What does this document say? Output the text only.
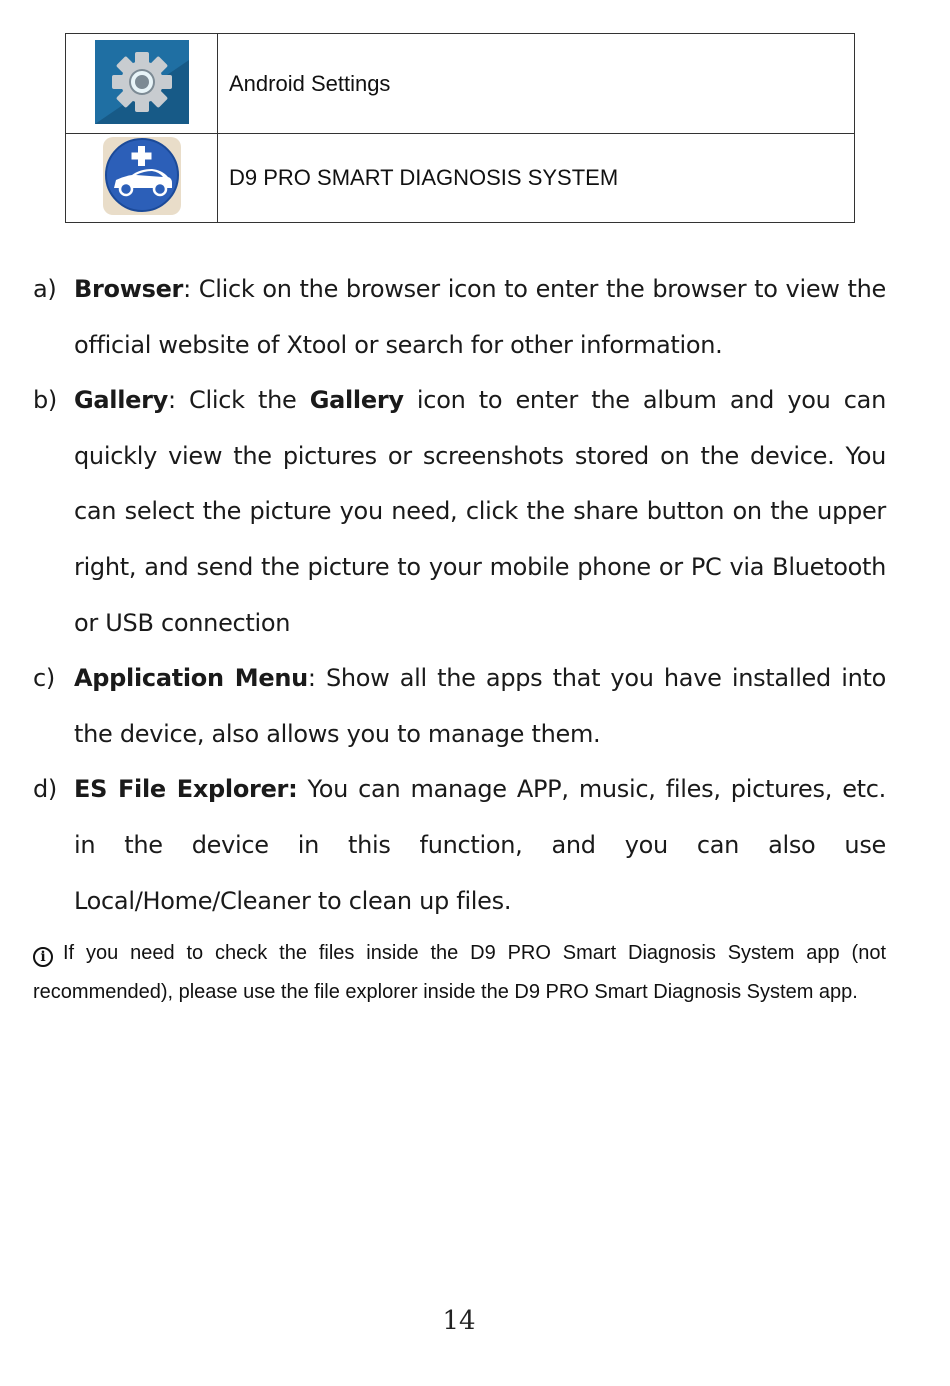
	Android Settings
	D9 PRO SMART DIAGNOSIS SYSTEM
a) Browser: Click on the browser icon to enter the browser to view the official website of Xtool or search for other information.
b) Gallery: Click the Gallery icon to enter the album and you can quickly view the pictures or screenshots stored on the device. You can select the picture you need, click the share button on the upper right, and send the picture to your mobile phone or PC via Bluetooth or USB connection
c) Application Menu: Show all the apps that you have installed into the device, also allows you to manage them.
d) ES File Explorer: You can manage APP, music, files, pictures, etc. in the device in this function, and you can also use Local/Home/Cleaner to clean up files.
i If you need to check the files inside the D9 PRO Smart Diagnosis System app (not recommended), please use the file explorer inside the D9 PRO Smart Diagnosis System app.
14
